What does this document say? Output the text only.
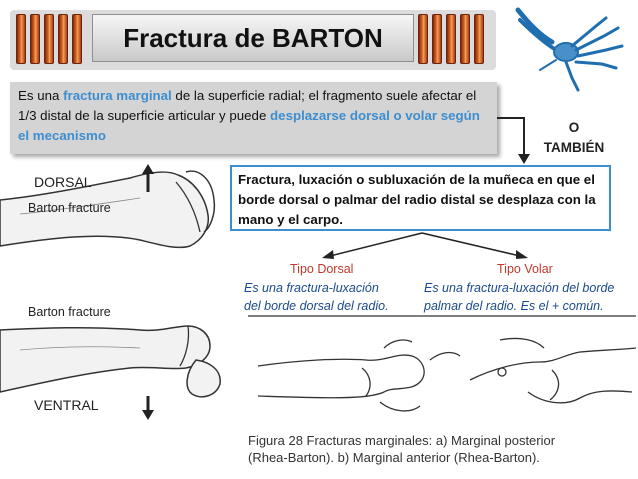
Fractura de BARTON
Es una fractura marginal de la superficie radial; el fragmento suele afectar el 1/3 distal de la superficie articular y puede desplazarse dorsal o volar según el mecanismo
O
TAMBIÉN
Fractura, luxación o subluxación de la muñeca en que el borde dorsal o palmar del radio distal se desplaza con la mano y el carpo.
Tipo Dorsal
Es una fractura-luxación
del borde dorsal del radio.
Tipo Volar
Es una fractura-luxación del borde
palmar del radio. Es el + común.
DORSAL
Barton fracture
Barton fracture
VENTRAL
Figura 28 Fracturas marginales: a) Marginal posterior
(Rhea-Barton). b) Marginal anterior (Rhea-Barton).
